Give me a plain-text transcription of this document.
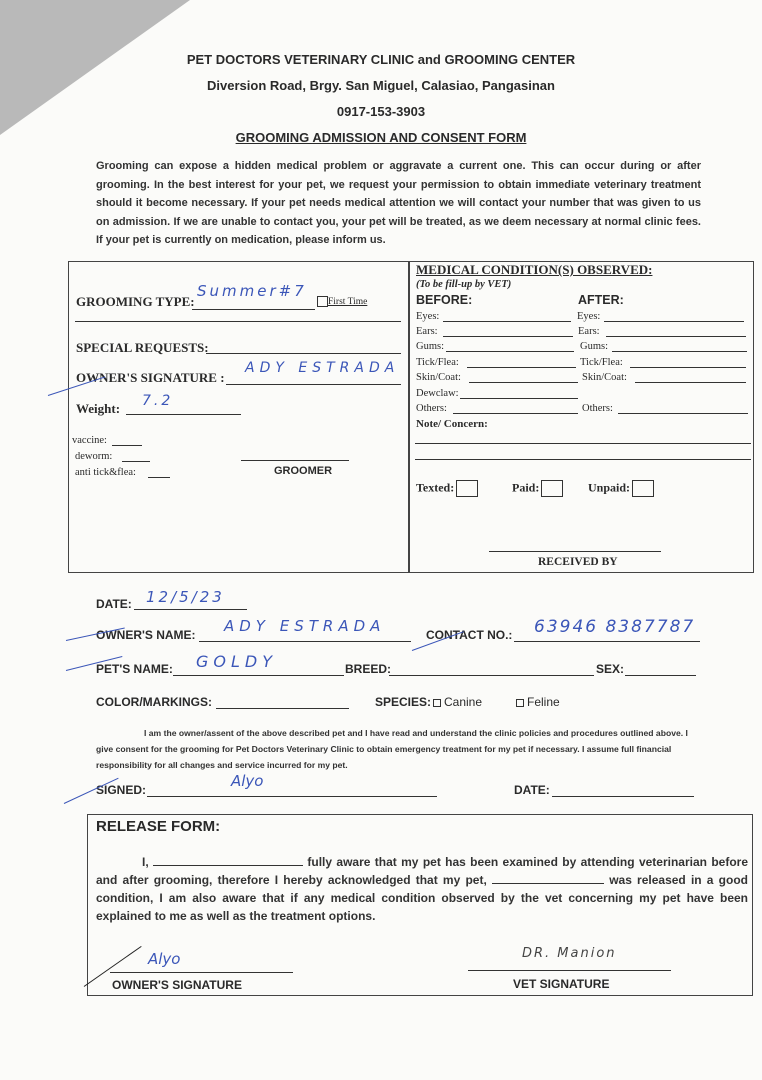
PET DOCTORS VETERINARY CLINIC and GROOMING CENTER
Diversion Road, Brgy. San Miguel, Calasiao, Pangasinan
0917-153-3903
GROOMING ADMISSION AND CONSENT FORM
Grooming can expose a hidden medical problem or aggravate a current one. This can occur during or after grooming. In the best interest for your pet, we request your permission to obtain immediate veterinary treatment should it become necessary. If your pet needs medical attention we will contact your number that was given to us on admission. If we are unable to contact you, your pet will be treated, as we deem necessary at normal clinic fees. If your pet is currently on medication, please inform us.
GROOMING TYPE:
Summer#7
First Time
SPECIAL REQUESTS:
OWNER'S SIGNATURE :
ADY ESTRADA
Weight: 7.2
vaccine:
deworm:
anti tick&flea:	GROOMER
MEDICAL CONDITION(S) OBSERVED:
(To be fill-up by VET)
BEFORE:	AFTER:
Eyes:	Eyes:
Ears:	Ears:
Gums:	Gums:
Tick/Flea:	Tick/Flea:
Skin/Coat:	Skin/Coat:
Dewclaw:
Others:	Others:
Note/ Concern:
Texted:	Paid:	Unpaid:
RECEIVED BY
DATE: 12/5/23
OWNER'S NAME: ADY ESTRADA	CONTACT NO.: 63946 8387787
PET'S NAME: GOLDY	BREED:	SEX:
COLOR/MARKINGS:	SPECIES: Canine	Feline
I am the owner/assent of the above described pet and I have read and understand the clinic policies and procedures outlined above. I give consent for the grooming for Pet Doctors Veterinary Clinic to obtain emergency treatment for my pet if necessary. I assume full financial responsibility for all changes and service incurred for my pet.
SIGNED:	Alyo	DATE:
RELEASE FORM:
I,	fully aware that my pet has been examined by attending veterinarian before and after grooming, therefore I hereby acknowledged that my pet,	was released in a good condition, I am also aware that if any medical condition observed by the vet concerning my pet have been explained to me as well as the treatment options.
Alyo
OWNER'S SIGNATURE
DR. Manion
VET SIGNATURE
